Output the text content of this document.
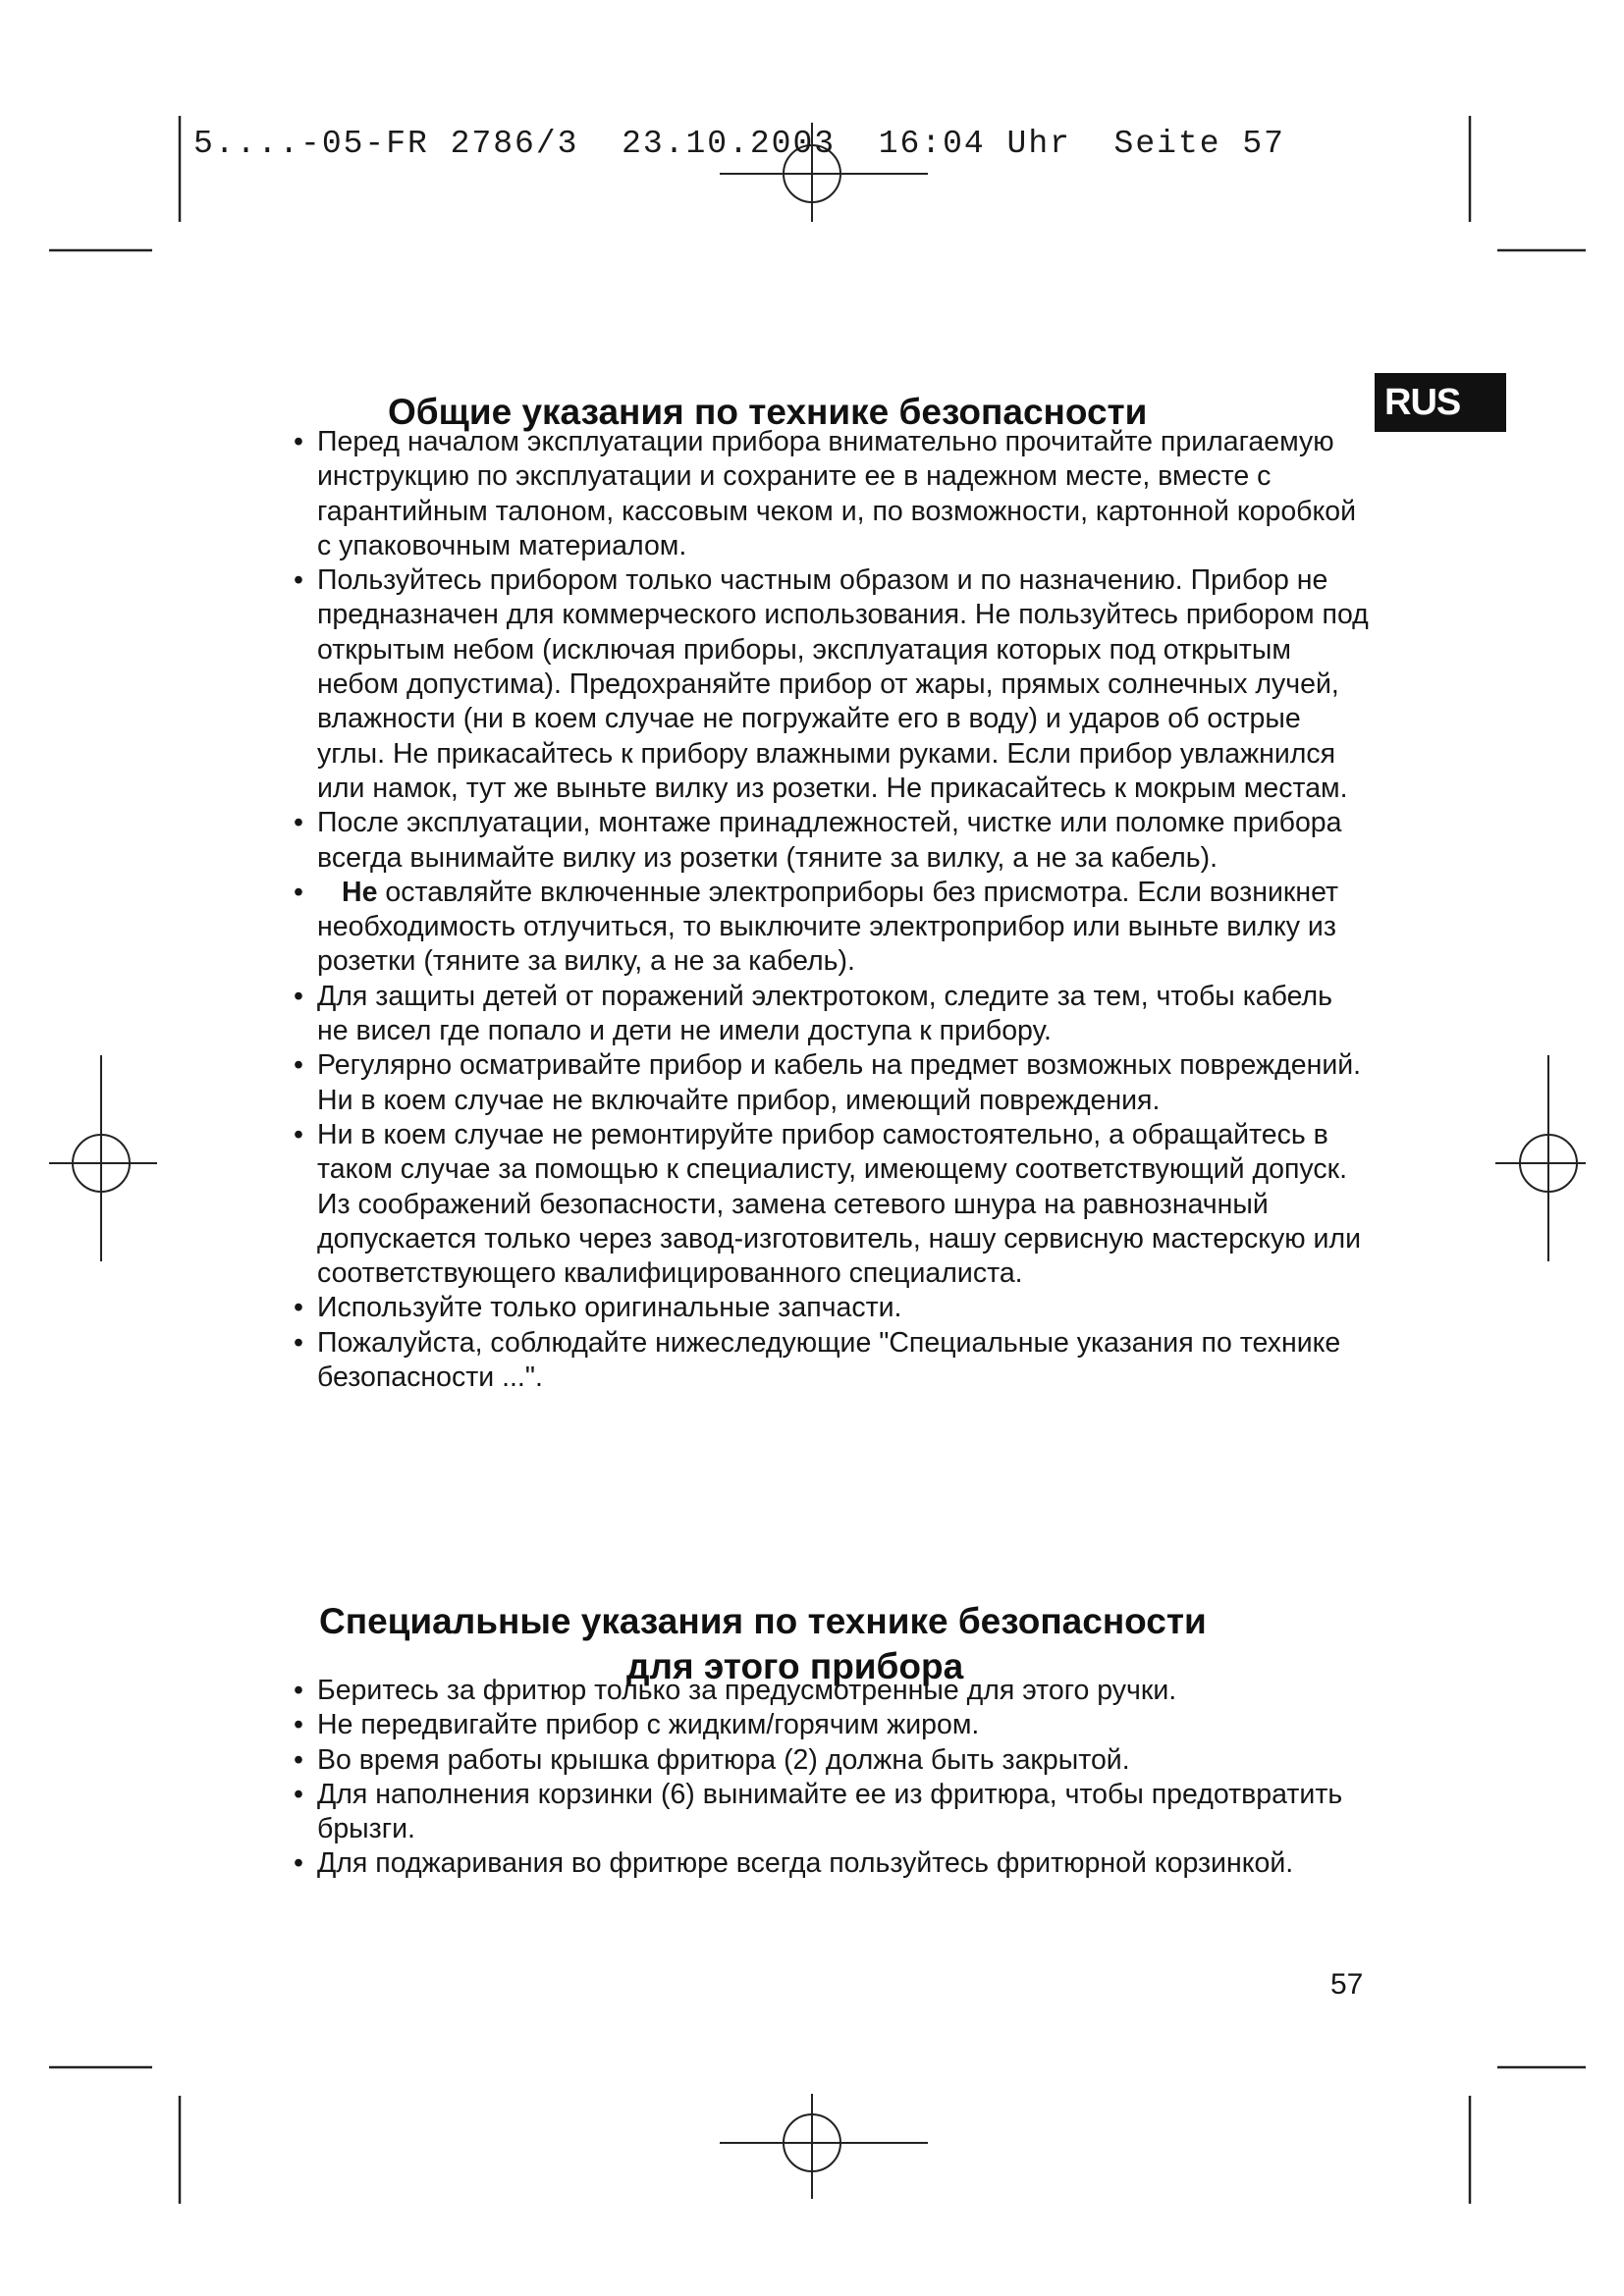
5....-05-FR 2786/3  23.10.2003  16:04 Uhr  Seite 57
RUS
Общие указания по технике безопасности
• Перед началом эксплуатации прибора внимательно прочитайте прилагаемую инструкцию по эксплуатации и сохраните ее в надежном месте, вместе с гарантийным талоном, кассовым чеком и, по возможности, картонной коробкой с упаковочным материалом.
• Пользуйтесь прибором только частным образом и по назначению. Прибор не предназначен для коммерческого использования. Не пользуйтесь прибором под открытым небом (исключая приборы, эксплуатация которых под открытым небом допустима). Предохраняйте прибор от жары, прямых солнечных лучей, влажности (ни в коем случае не погружайте его в воду) и ударов об острые углы. Не прикасайтесь к прибору влажными руками. Если прибор увлажнился или намок, тут же выньте вилку из розетки. Не прикасайтесь к мокрым местам.
• После эксплуатации, монтаже принадлежностей, чистке или поломке прибора всегда вынимайте вилку из розетки (тяните за вилку, а не за кабель).
• Не оставляйте включенные электроприборы без присмотра. Если возникнет необходимость отлучиться, то выключите электроприбор или выньте вилку из розетки (тяните за вилку, а не за кабель).
• Для защиты детей от поражений электротоком, следите за тем, чтобы кабель не висел где попало и дети не имели доступа к прибору.
• Регулярно осматривайте прибор и кабель на предмет возможных повреждений. Ни в коем случае не включайте прибор, имеющий повреждения.
• Ни в коем случае не ремонтируйте прибор самостоятельно, а обращайтесь в таком случае за помощью к специалисту, имеющему соответствующий допуск. Из соображений безопасности, замена сетевого шнура на равнозначный допускается только через завод-изготовитель, нашу сервисную мастерскую или соответствующего квалифицированного специалиста.
• Используйте только оригинальные запчасти.
• Пожалуйста, соблюдайте нижеследующие "Специальные указания по технике безопасности ...".
Специальные указания по технике безопасности
для этого прибора
• Беритесь за фритюр только за предусмотренные для этого ручки.
• Не передвигайте прибор с жидким/горячим жиром.
• Во время работы крышка фритюра (2) должна быть закрытой.
• Для наполнения корзинки (6) вынимайте ее из фритюра, чтобы предотвратить брызги.
• Для поджаривания во фритюре всегда пользуйтесь фритюрной корзинкой.
57
